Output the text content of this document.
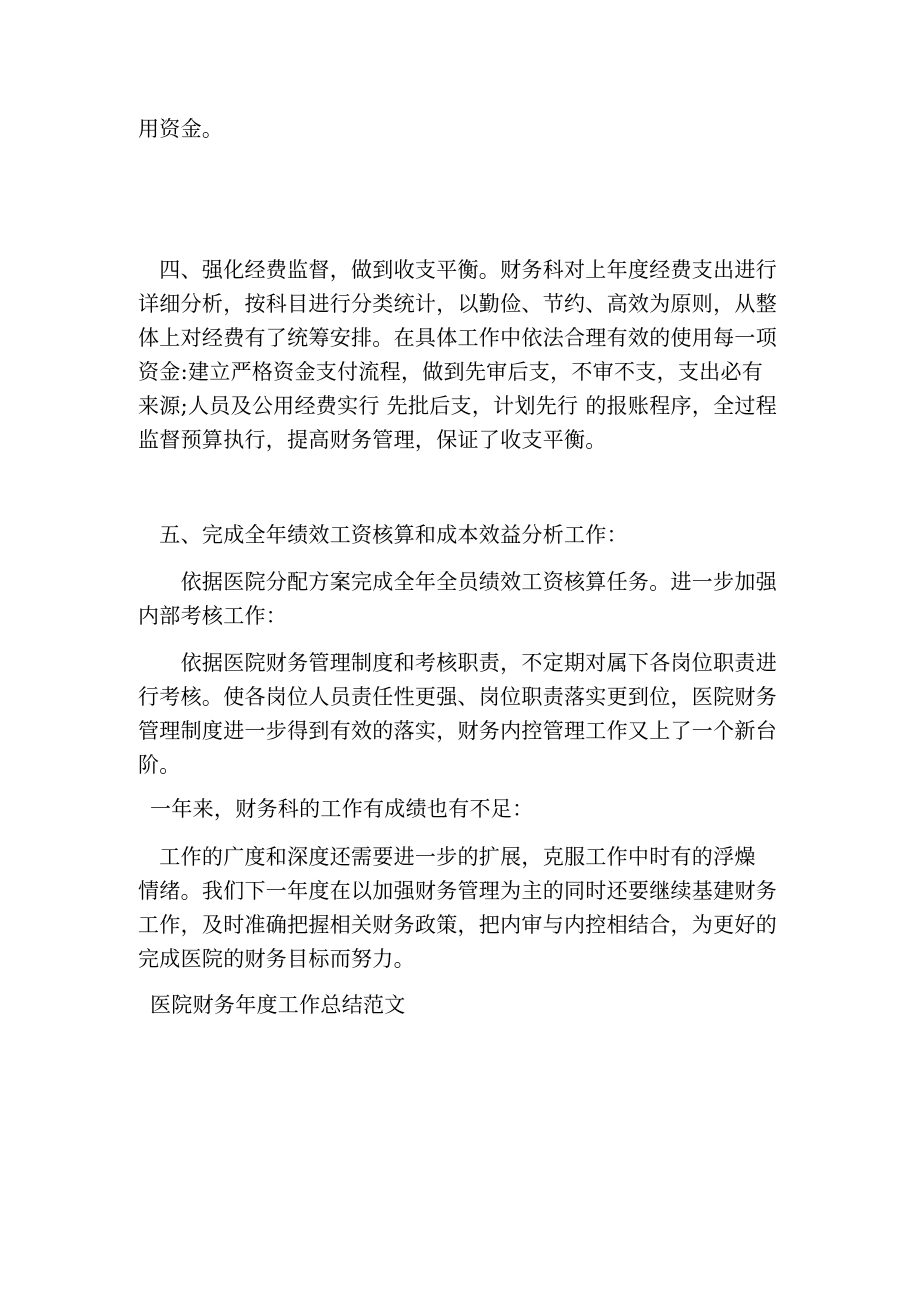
用资金。

　四、强化经费监督，做到收支平衡。财务科对上年度经费支出进行
详细分析，按科目进行分类统计，以勤俭、节约、高效为原则，从整
体上对经费有了统筹安排。在具体工作中依法合理有效的使用每一项
资金:建立严格资金支付流程，做到先审后支，不审不支，支出必有
来源;人员及公用经费实行 先批后支，计划先行 的报账程序，全过程
监督预算执行，提高财务管理，保证了收支平衡。

　五、完成全年绩效工资核算和成本效益分析工作：

　　依据医院分配方案完成全年全员绩效工资核算任务。进一步加强
内部考核工作：

　　依据医院财务管理制度和考核职责，不定期对属下各岗位职责进
行考核。使各岗位人员责任性更强、岗位职责落实更到位，医院财务
管理制度进一步得到有效的落实，财务内控管理工作又上了一个新台
阶。

一年来，财务科的工作有成绩也有不足：

　工作的广度和深度还需要进一步的扩展，克服工作中时有的浮燥
情绪。我们下一年度在以加强财务管理为主的同时还要继续基建财务
工作，及时准确把握相关财务政策，把内审与内控相结合，为更好的
完成医院的财务目标而努力。

医院财务年度工作总结范文
